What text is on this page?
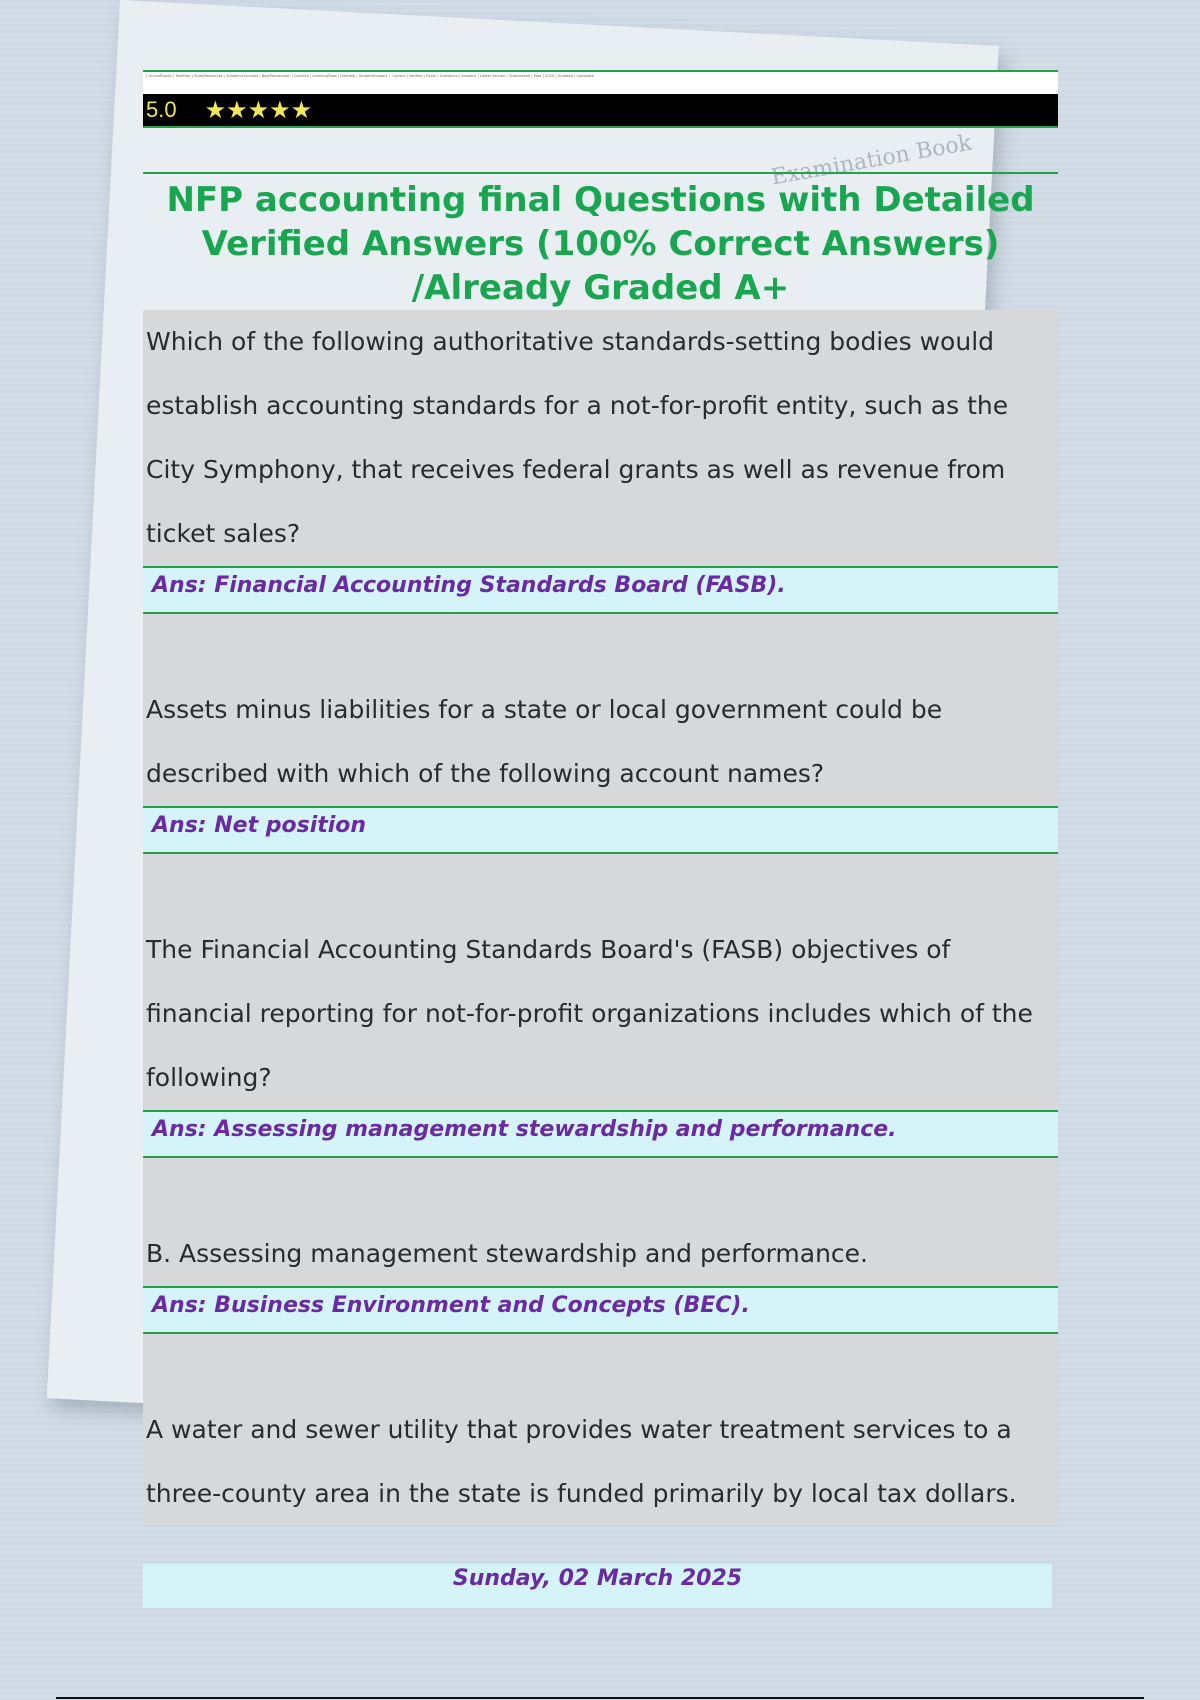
Examination Book
| OnlineExams | TestPrep | StudyResources | AcademicSuccess | BestPreparation | QuizSite | LearningTools | EduHelp | StudentSupport ✓ Correct | Verified | Exam | Questions | Answers | Latest Version | Guaranteed | Pass | 2025 | Updated | Complete
5.0 ★★★★★
NFP accounting final Questions with Detailed Verified Answers (100% Correct Answers) /Already Graded A+
Which of the following authoritative standards-setting bodies would establish accounting standards for a not-for-profit entity, such as the City Symphony, that receives federal grants as well as revenue from ticket sales?
Ans: Financial Accounting Standards Board (FASB).
Assets minus liabilities for a state or local government could be described with which of the following account names?
Ans: Net position
The Financial Accounting Standards Board's (FASB) objectives of financial reporting for not-for-profit organizations includes which of the following?
Ans: Assessing management stewardship and performance.
B. Assessing management stewardship and performance.
Ans: Business Environment and Concepts (BEC).
A water and sewer utility that provides water treatment services to a three-county area in the state is funded primarily by local tax dollars.
Sunday, 02 March 2025
